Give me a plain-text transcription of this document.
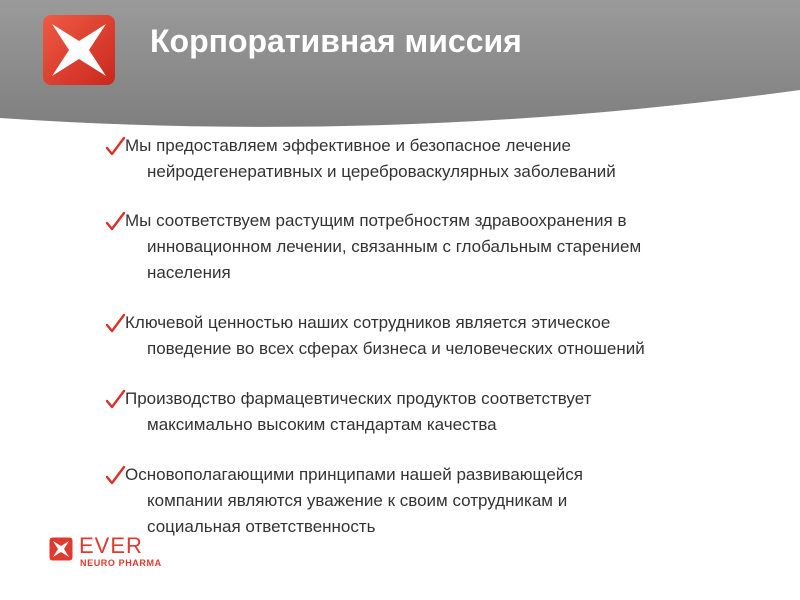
Корпоративная миссия
Мы предоставляем эффективное и безопасное лечение
нейродегенеративных и цереброваскулярных заболеваний
Мы соответствуем растущим потребностям здравоохранения в
инновационном лечении, связанным с глобальным старением
населения
Ключевой ценностью наших сотрудников является этическое
поведение во всех сферах бизнеса и человеческих отношений
Производство фармацевтических продуктов соответствует
максимально высоким стандартам качества
Основополагающими принципами нашей развивающейся
компании являются уважение к своим сотрудникам и
социальная ответственность
EVER
NEURO PHARMA
